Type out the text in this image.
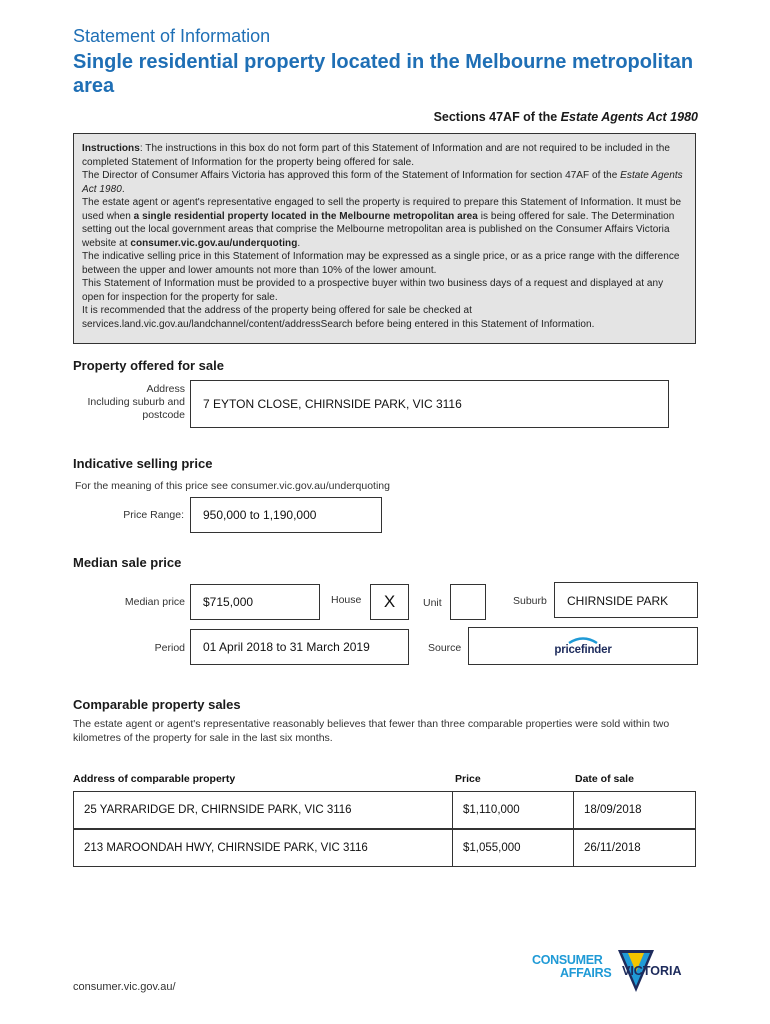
Statement of Information
Single residential property located in the Melbourne metropolitan area
Sections 47AF of the Estate Agents Act 1980

Instructions: The instructions in this box do not form part of this Statement of Information and are not required to be included in the completed Statement of Information for the property being offered for sale.

The Director of Consumer Affairs Victoria has approved this form of the Statement of Information for section 47AF of the Estate Agents Act 1980.

The estate agent or agent's representative engaged to sell the property is required to prepare this Statement of Information. It must be used when a single residential property located in the Melbourne metropolitan area is being offered for sale. The Determination setting out the local government areas that comprise the Melbourne metropolitan area is published on the Consumer Affairs Victoria website at consumer.vic.gov.au/underquoting.

The indicative selling price in this Statement of Information may be expressed as a single price, or as a price range with the difference between the upper and lower amounts not more than 10% of the lower amount.

This Statement of Information must be provided to a prospective buyer within two business days of a request and displayed at any open for inspection for the property for sale.

It is recommended that the address of the property being offered for sale be checked at services.land.vic.gov.au/landchannel/content/addressSearch before being entered in this Statement of Information.

Property offered for sale
Address
Including suburb and
postcode
7 EYTON CLOSE, CHIRNSIDE PARK, VIC 3116
Indicative selling price
For the meaning of this price see consumer.vic.gov.au/underquoting
Price Range:	950,000 to 1,190,000
Median sale price
Median price	$715,000	House	X	Unit	Suburb	CHIRNSIDE PARK
Period	01 April 2018 to 31 March 2019	Source	pricefinder
Comparable property sales
The estate agent or agent's representative reasonably believes that fewer than three comparable properties were sold within two kilometres of the property for sale in the last six months.
Address of comparable property	Price	Date of sale
25 YARRARIDGE DR, CHIRNSIDE PARK, VIC 3116	$1,110,000	18/09/2018
213 MAROONDAH HWY, CHIRNSIDE PARK, VIC 3116	$1,055,000	26/11/2018
consumer.vic.gov.au/
CONSUMER
AFFAIRS VICTORIA
